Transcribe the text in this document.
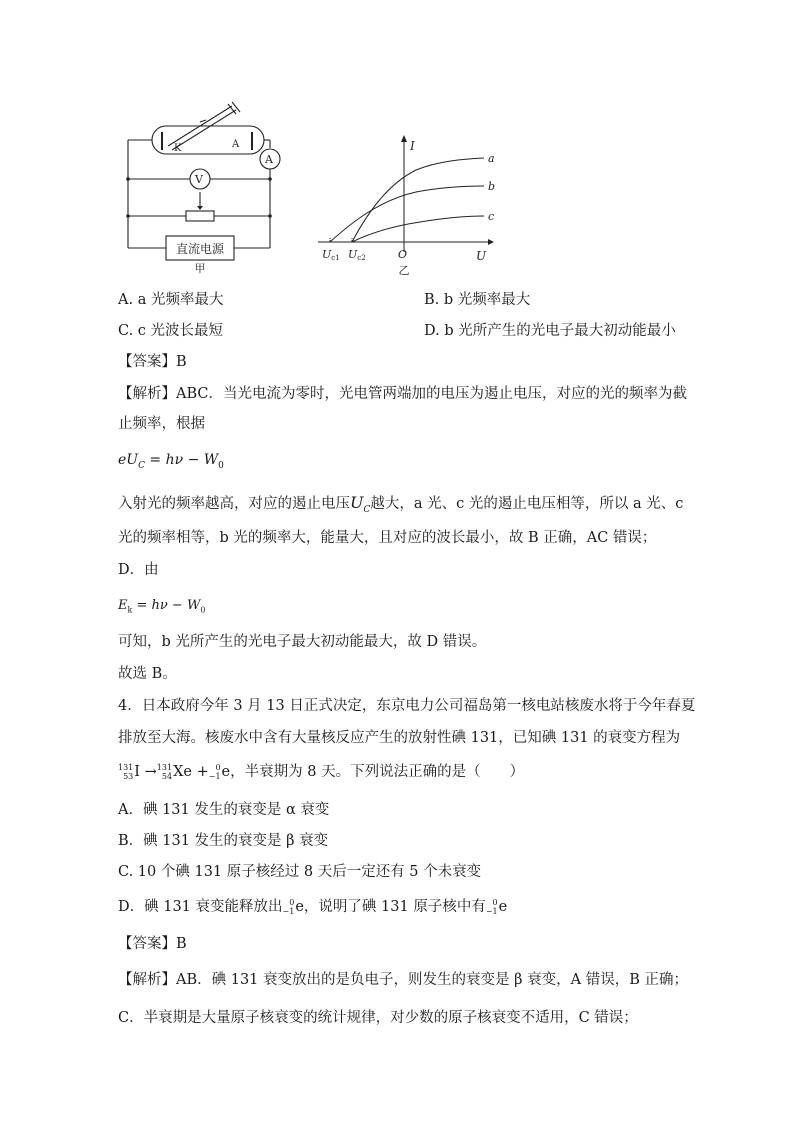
K	A
A
V
直流电源
甲
I
U
O
Uc1 Uc2
a
b
c
乙
A. a 光频率最大	B. b 光频率最大
C. c 光波长最短	D. b 光所产生的光电子最大初动能最小
【答案】B
【解析】ABC．当光电流为零时，光电管两端加的电压为遏止电压，对应的光的频率为截
止频率，根据
$eU_C = h\nu - W_0$
入射光的频率越高，对应的遏止电压$U_C$越大，a 光、c 光的遏止电压相等，所以 a 光、c
光的频率相等，b 光的频率大，能量大，且对应的波长最小，故 B 正确，AC 错误；
D．由
$E_k = h\nu - W_0$
可知，b 光所产生的光电子最大初动能最大，故 D 错误。
故选 B。
4．日本政府今年 3 月 13 日正式决定，东京电力公司福岛第一核电站核废水将于今年春夏
排放至大海。核废水中含有大量核反应产生的放射性碘 131，已知碘 131 的衰变方程为
131
53 I → 131
54 Xe + 0
−1 e，半衰期为 8 天。下列说法正确的是（　　）
A．碘 131 发生的衰变是 α 衰变
B．碘 131 发生的衰变是 β 衰变
C. 10 个碘 131 原子核经过 8 天后一定还有 5 个未衰变
D．碘 131 衰变能释放出 0
−1 e，说明了碘 131 原子核中有 0
−1 e
【答案】B
【解析】AB．碘 131 衰变放出的是负电子，则发生的衰变是 β 衰变，A 错误，B 正确；
C．半衰期是大量原子核衰变的统计规律，对少数的原子核衰变不适用，C 错误；
